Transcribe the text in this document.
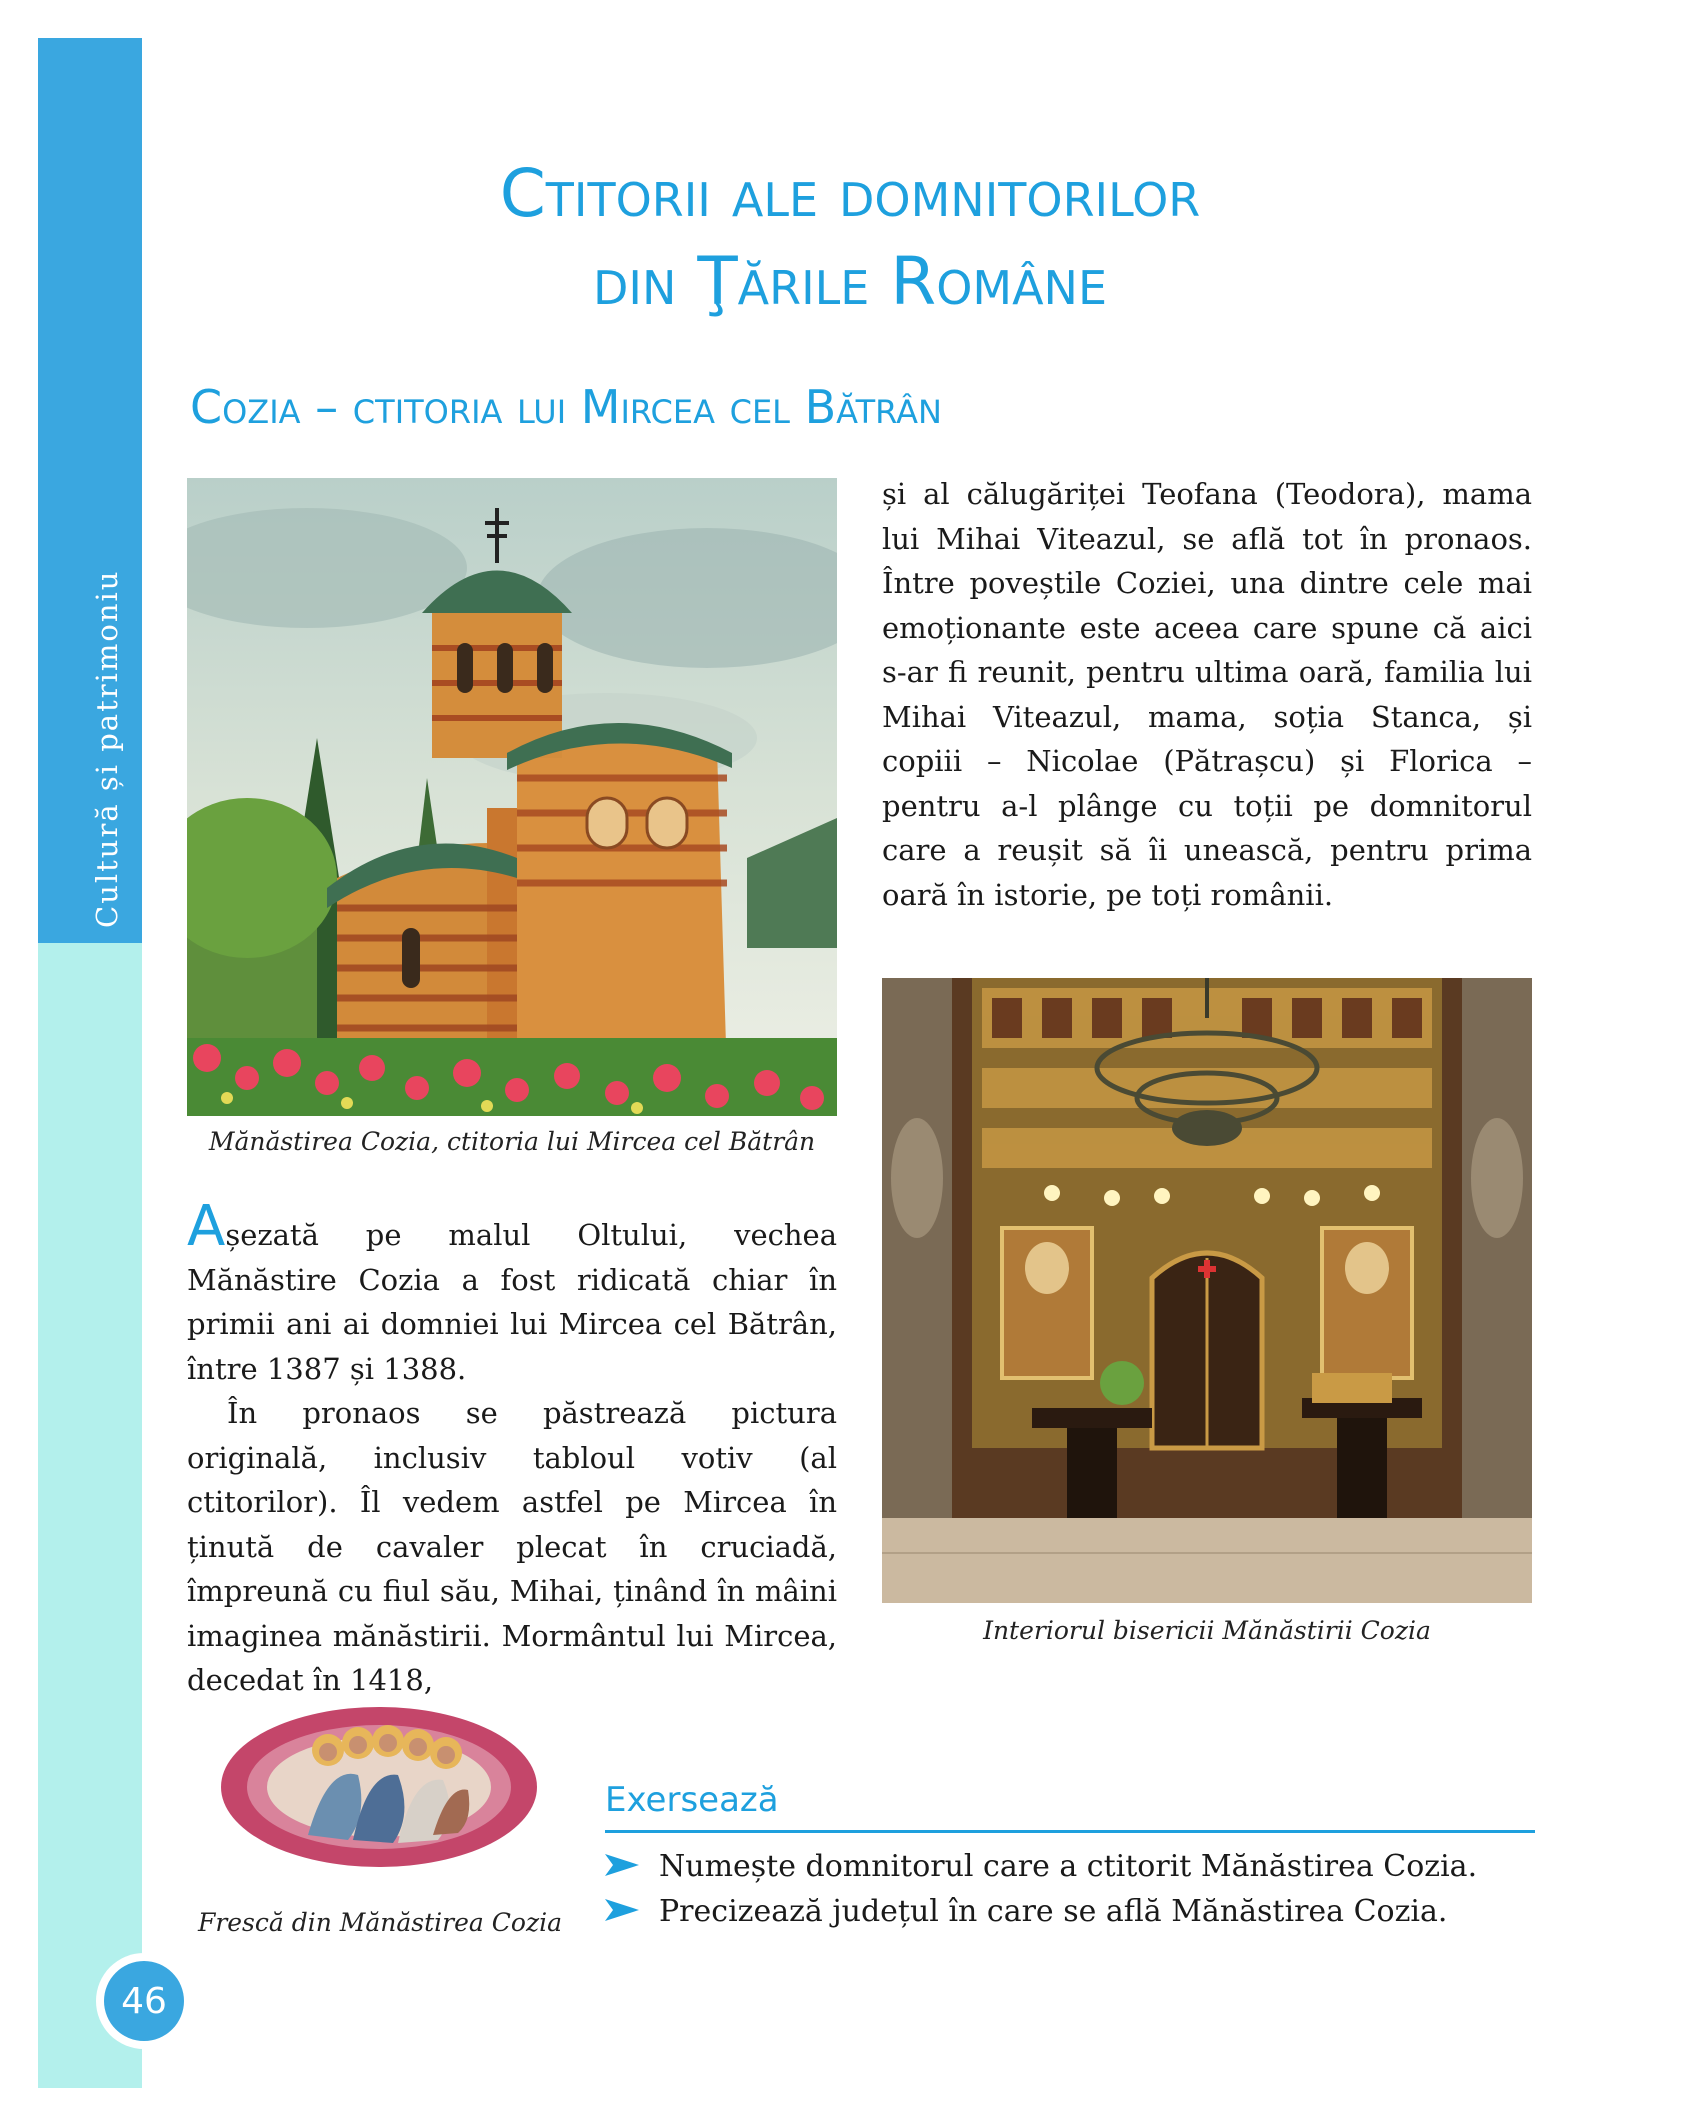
Cultură și patrimoniu
46
Ctitorii ale domnitorilor
din Ţările Române
Cozia – ctitoria lui Mircea cel Bătrân
Mănăstirea Cozia, ctitoria lui Mircea cel Bătrân

și al călugăriței Teofana (Teodora), mama lui Mihai Viteazul, se află tot în pronaos. Între poveștile Coziei, una dintre cele mai emoționante este aceea care spune că aici s-ar fi reunit, pentru ultima oară, familia lui Mihai Viteazul, mama, soția Stanca, și copiii – Nicolae (Pătrașcu) și Florica – pentru a-l plânge cu toții pe domnitorul care a reușit să îi unească, pentru prima oară în istorie, pe toți românii.

Interiorul bisericii Mănăstirii Cozia

Așezată pe malul Oltului, vechea Mănăstire Cozia a fost ridicată chiar în primii ani ai domniei lui Mircea cel Bătrân, între 1387 și 1388.

În pronaos se păstrează pictura originală, inclusiv tabloul votiv (al ctitorilor). Îl vedem astfel pe Mircea în ținută de cavaler plecat în cruciadă, împreună cu fiul său, Mihai, ținând în mâini imaginea mănăstirii. Mormântul lui Mircea, decedat în 1418,

Frescă din Mănăstirea Cozia
Exersează
Numește domnitorul care a ctitorit Mănăstirea Cozia.
Precizează județul în care se află Mănăstirea Cozia.
